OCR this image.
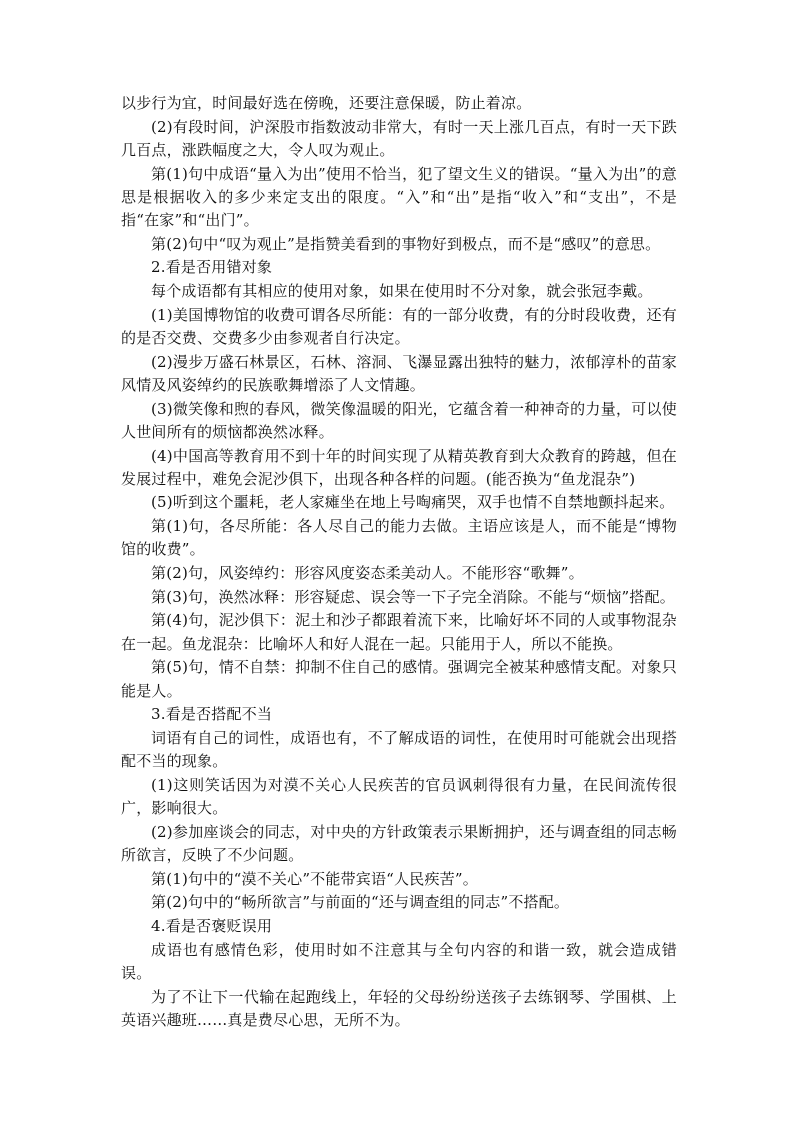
以步行为宜，时间最好选在傍晚，还要注意保暖，防止着凉。

(2)有段时间，沪深股市指数波动非常大，有时一天上涨几百点，有时一天下跌几百点，涨跌幅度之大，令人叹为观止。

第(1)句中成语“量入为出”使用不恰当，犯了望文生义的错误。“量入为出”的意思是根据收入的多少来定支出的限度。“入”和“出”是指“收入”和“支出”，不是指“在家”和“出门”。

第(2)句中“叹为观止”是指赞美看到的事物好到极点，而不是“感叹”的意思。

2.看是否用错对象

每个成语都有其相应的使用对象，如果在使用时不分对象，就会张冠李戴。

(1)美国博物馆的收费可谓各尽所能：有的一部分收费，有的分时段收费，还有的是否交费、交费多少由参观者自行决定。

(2)漫步万盛石林景区，石林、溶洞、飞瀑显露出独特的魅力，浓郁淳朴的苗家风情及风姿绰约的民族歌舞增添了人文情趣。

(3)微笑像和煦的春风，微笑像温暖的阳光，它蕴含着一种神奇的力量，可以使人世间所有的烦恼都涣然冰释。

(4)中国高等教育用不到十年的时间实现了从精英教育到大众教育的跨越，但在发展过程中，难免会泥沙俱下，出现各种各样的问题。(能否换为“鱼龙混杂”)

(5)听到这个噩耗，老人家瘫坐在地上号啕痛哭，双手也情不自禁地颤抖起来。

第(1)句，各尽所能：各人尽自己的能力去做。主语应该是人，而不能是“博物馆的收费”。

第(2)句，风姿绰约：形容风度姿态柔美动人。不能形容“歌舞”。

第(3)句，涣然冰释：形容疑虑、误会等一下子完全消除。不能与“烦恼”搭配。

第(4)句，泥沙俱下：泥土和沙子都跟着流下来，比喻好坏不同的人或事物混杂在一起。鱼龙混杂：比喻坏人和好人混在一起。只能用于人，所以不能换。

第(5)句，情不自禁：抑制不住自己的感情。强调完全被某种感情支配。对象只能是人。

3.看是否搭配不当

词语有自己的词性，成语也有，不了解成语的词性，在使用时可能就会出现搭配不当的现象。

(1)这则笑话因为对漠不关心人民疾苦的官员讽刺得很有力量，在民间流传很广，影响很大。

(2)参加座谈会的同志，对中央的方针政策表示果断拥护，还与调查组的同志畅所欲言，反映了不少问题。

第(1)句中的“漠不关心”不能带宾语“人民疾苦”。

第(2)句中的“畅所欲言”与前面的“还与调查组的同志”不搭配。

4.看是否褒贬误用

成语也有感情色彩，使用时如不注意其与全句内容的和谐一致，就会造成错误。

为了不让下一代输在起跑线上，年轻的父母纷纷送孩子去练钢琴、学围棋、上英语兴趣班……真是费尽心思，无所不为。
